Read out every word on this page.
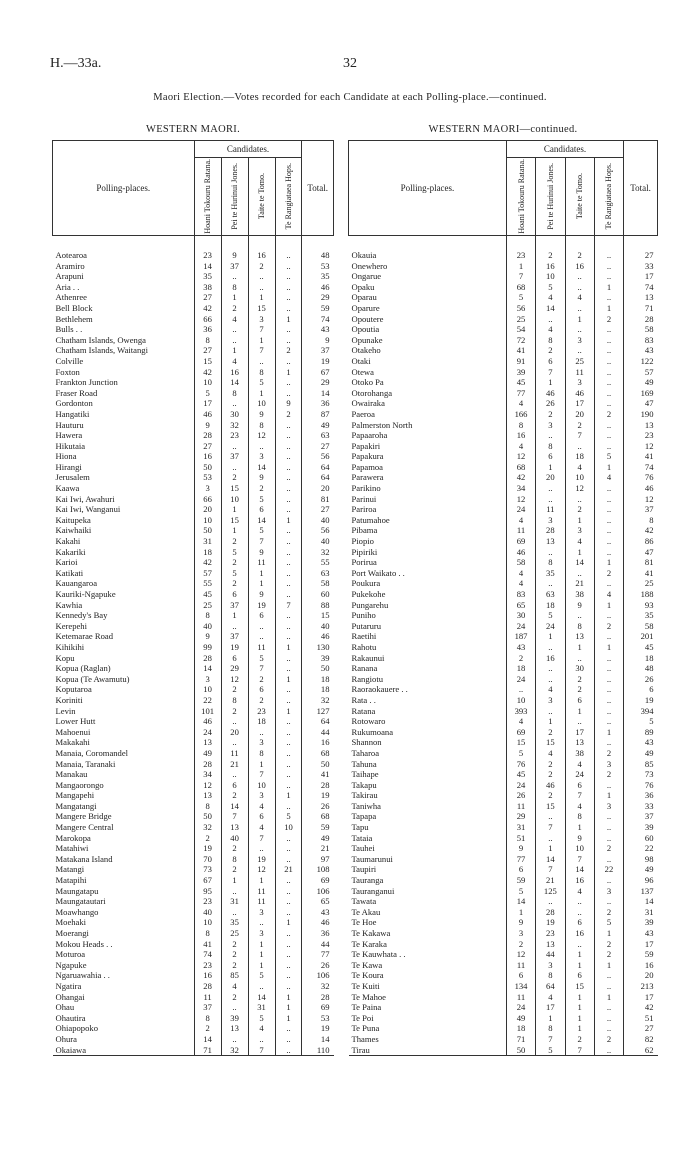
H.—33a.	32
Maori Election.—Votes recorded for each Candidate at each Polling-place.—continued.
WESTERN MAORI.	WESTERN MAORI—continued.
Polling-places.	Candidates.				Total.

	Hoani Tokouru Ratana.	Pei te Hurinui Jones.	Taite te Tomo.	Te Rangiataea Hops.	

Aotearoa	23	9	16	..	48
Aramiro	14	37	2	..	53
Arapuni	35	..	..	..	35
Aria . .	38	8	..	..	46
Athenree	27	1	1	..	29
Bell Block	42	2	15	..	59
Bethlehem	66	4	3	1	74
Bulls . .	36	..	7	..	43
Chatham Islands, Owenga	8	..	1	..	9
Chatham Islands, Waitangi	27	1	7	2	37
Colville	15	4	..	..	19
Foxton	42	16	8	1	67
Frankton Junction	10	14	5	..	29
Fraser Road	5	8	1	..	14
Gordonton	17	..	10	9	36
Hangatiki	46	30	9	2	87
Hauturu	9	32	8	..	49
Hawera	28	23	12	..	63
Hikutaia	27	..	..	..	27
Hiona	16	37	3	..	56
Hirangi	50	..	14	..	64
Jerusalem	53	2	9	..	64
Kaawa	3	15	2	..	20
Kai Iwi, Awahuri	66	10	5	..	81
Kai Iwi, Wanganui	20	1	6	..	27
Kaitupeka	10	15	14	1	40
Kaiwhaiki	50	1	5	..	56
Kakahi	31	2	7	..	40
Kakariki	18	5	9	..	32
Karioi	42	2	11	..	55
Katikati	57	5	1	..	63
Kauangaroa	55	2	1	..	58
Kauriki-Ngapuke	45	6	9	..	60
Kawhia	25	37	19	7	88
Kennedy's Bay	8	1	6	..	15
Kerepehi	40	..	..	..	40
Ketemarae Road	9	37	..	..	46
Kihikihi	99	19	11	1	130
Kopu	28	6	5	..	39
Kopua (Raglan)	14	29	7	..	50
Kopua (Te Awamutu)	3	12	2	1	18
Koputaroa	10	2	6	..	18
Koriniti	22	8	2	..	32
Levin	101	2	23	1	127
Lower Hutt	46	..	18	..	64
Mahoenui	24	20	..	..	44
Makakahi	13	..	3	..	16
Manaia, Coromandel	49	11	8	..	68
Manaia, Taranaki	28	21	1	..	50
Manakau	34	..	7	..	41
Mangaorongo	12	6	10	..	28
Mangapehi	13	2	3	1	19
Mangatangi	8	14	4	..	26
Mangere Bridge	50	7	6	5	68
Mangere Central	32	13	4	10	59
Marokopa	2	40	7	..	49
Matahiwi	19	2	..	..	21
Matakana Island	70	8	19	..	97
Matangi	73	2	12	21	108
Matapihi	67	1	1	..	69
Maungatapu	95	..	11	..	106
Maungatautari	23	31	11	..	65
Moawhango	40	..	3	..	43
Moehaki	10	35	..	1	46
Moerangi	8	25	3	..	36
Mokou Heads . .	41	2	1	..	44
Moturoa	74	2	1	..	77
Ngapuke	23	2	1	..	26
Ngaruawahia . .	16	85	5	..	106
Ngatira	28	4	..	..	32
Ohangai	11	2	14	1	28
Ohau	37	..	31	1	69
Ohautira	8	39	5	1	53
Ohiapopoko	2	13	4	..	19
Ohura	14	..	..	..	14
Okaiawa	71	32	7	..	110
Polling-places.	Candidates.				Total.

	Hoani Tokouru Ratana.	Pei te Hurinui Jones.	Taite te Tomo.	Te Rangiataea Hops.	

Okauia	23	2	2	..	27
Onewhero	1	16	16	..	33
Ongarue	7	10	..	..	17
Opaku	68	5	..	1	74
Oparau	5	4	4	..	13
Oparure	56	14	..	1	71
Opoutere	25	..	1	2	28
Opoutia	54	4	..	..	58
Opunake	72	8	3	..	83
Otakeho	41	2	..	..	43
Otaki	91	6	25	..	122
Otewa	39	7	11	..	57
Otoko Pa	45	1	3	..	49
Otorohanga	77	46	46	..	169
Owairaka	4	26	17	..	47
Paeroa	166	2	20	2	190
Palmerston North	8	3	2	..	13
Papaaroha	16	..	7	..	23
Papakiri	4	8	..	..	12
Papakura	12	6	18	5	41
Papamoa	68	1	4	1	74
Parawera	42	20	10	4	76
Parikino	34	..	12	..	46
Parinui	12	..	..	..	12
Pariroa	24	11	2	..	37
Patumahoe	4	3	1	..	8
Pibama	11	28	3	..	42
Piopio	69	13	4	..	86
Pipiriki	46	..	1	..	47
Porirua	58	8	14	1	81
Port Waikato . .	4	35	..	2	41
Poukura	4	..	21	..	25
Pukekohe	83	63	38	4	188
Pungarehu	65	18	9	1	93
Puniho	30	5	..	..	35
Putaruru	24	24	8	2	58
Raetihi	187	1	13	..	201
Rahotu	43	..	1	1	45
Rakaunui	2	16	..	..	18
Ranana	18	..	30	..	48
Rangiotu	24	..	2	..	26
Raoraokauere . .	..	4	2	..	6
Rata . .	10	3	6	..	19
Ratana	393	..	1	..	394
Rotowaro	4	1	..	..	5
Rukumoana	69	2	17	1	89
Shannon	15	15	13	..	43
Taharoa	5	4	38	2	49
Tahuna	76	2	4	3	85
Taihape	45	2	24	2	73
Takapu	24	46	6	..	76
Takirau	26	2	7	1	36
Taniwha	11	15	4	3	33
Tapapa	29	..	8	..	37
Tapu	31	7	1	..	39
Tataia	51	..	9	..	60
Tauhei	9	1	10	2	22
Taumarunui	77	14	7	..	98
Taupiri	6	7	14	22	49
Tauranga	59	21	16	..	96
Tauranganui	5	125	4	3	137
Tawata	14	..	..	..	14
Te Akau	1	28	..	2	31
Te Hoe	9	19	6	5	39
Te Kakawa	3	23	16	1	43
Te Karaka	2	13	..	2	17
Te Kauwhata . .	12	44	1	2	59
Te Kawa	11	3	1	1	16
Te Koura	6	8	6	..	20
Te Kuiti	134	64	15	..	213
Te Mahoe	11	4	1	1	17
Te Paina	24	17	1	..	42
Te Poi	49	1	1	..	51
Te Puna	18	8	1	..	27
Thames	71	7	2	2	82
Tirau	50	5	7	..	62
